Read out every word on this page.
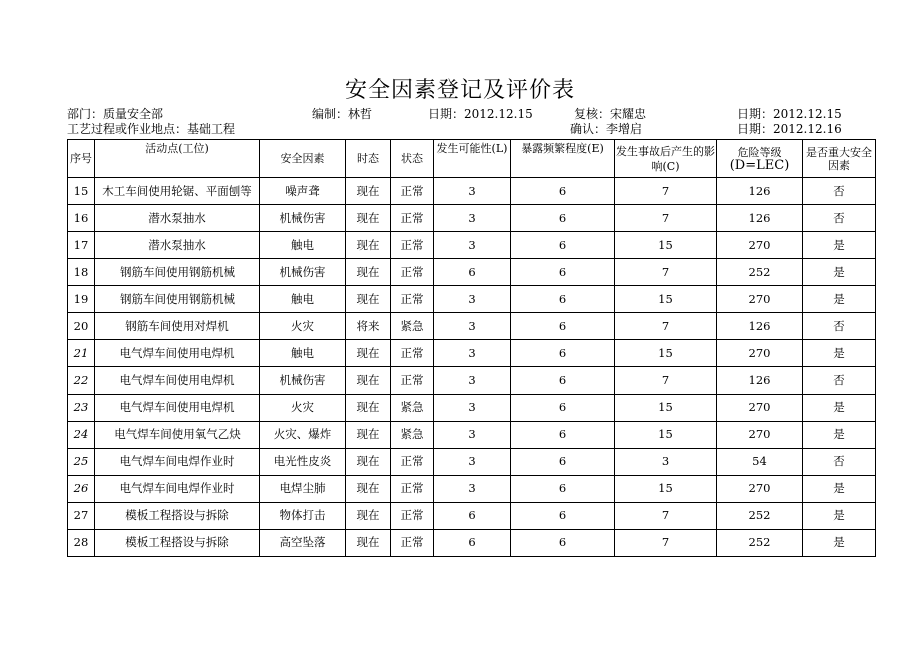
安全因素登记及评价表
部门：质量安全部	编制：林哲	日期：2012.12.15	复核：宋耀忠	日期：2012.12.15
工艺过程或作业地点：基础工程	确认：李增启	日期：2012.12.16
序号	活动点(工位)	安全因素	时态	状态	发生可能性(L)	暴露频繁程度(E)	发生事故后产生的影响(C)	危险等级
(D=LEC)	是否重大安全因素
15	木工车间使用轮锯、平面刨等	噪声聋	现在	正常	3	6	7	126	否
16	潜水泵抽水	机械伤害	现在	正常	3	6	7	126	否
17	潜水泵抽水	触电	现在	正常	3	6	15	270	是
18	钢筋车间使用钢筋机械	机械伤害	现在	正常	6	6	7	252	是
19	钢筋车间使用钢筋机械	触电	现在	正常	3	6	15	270	是
20	钢筋车间使用对焊机	火灾	将来	紧急	3	6	7	126	否
21	电气焊车间使用电焊机	触电	现在	正常	3	6	15	270	是
22	电气焊车间使用电焊机	机械伤害	现在	正常	3	6	7	126	否
23	电气焊车间使用电焊机	火灾	现在	紧急	3	6	15	270	是
24	电气焊车间使用氧气乙炔	火灾、爆炸	现在	紧急	3	6	15	270	是
25	电气焊车间电焊作业时	电光性皮炎	现在	正常	3	6	3	54	否
26	电气焊车间电焊作业时	电焊尘肺	现在	正常	3	6	15	270	是
27	模板工程搭设与拆除	物体打击	现在	正常	6	6	7	252	是
28	模板工程搭设与拆除	高空坠落	现在	正常	6	6	7	252	是
